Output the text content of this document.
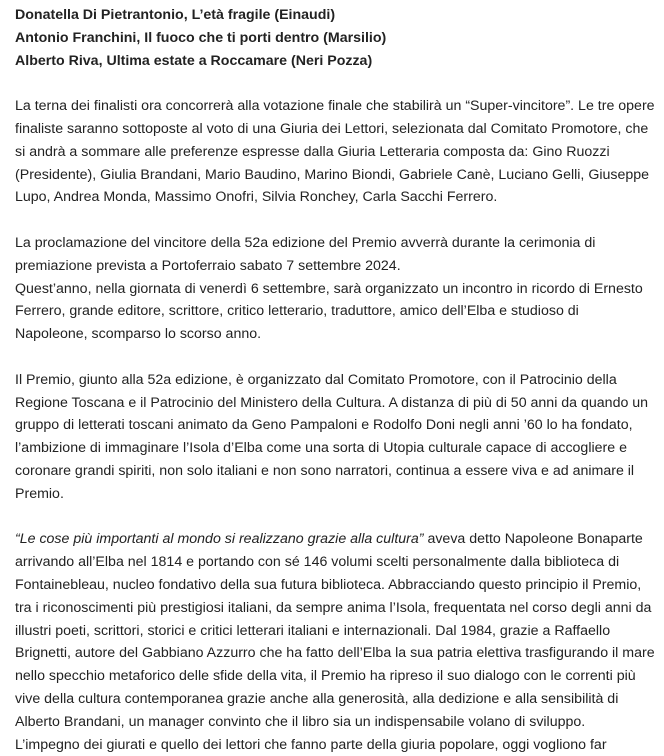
Donatella Di Pietrantonio, L’età fragile (Einaudi)

Antonio Franchini, Il fuoco che ti porti dentro (Marsilio)

Alberto Riva, Ultima estate a Roccamare (Neri Pozza)

La terna dei finalisti ora concorrerà alla votazione finale che stabilirà un “Super-vincitore”. Le tre opere finaliste saranno sottoposte al voto di una Giuria dei Lettori, selezionata dal Comitato Promotore, che si andrà a sommare alle preferenze espresse dalla Giuria Letteraria composta da: Gino Ruozzi (Presidente), Giulia Brandani, Mario Baudino, Marino Biondi, Gabriele Canè, Luciano Gelli, Giuseppe Lupo, Andrea Monda, Massimo Onofri, Silvia Ronchey, Carla Sacchi Ferrero.

La proclamazione del vincitore della 52a edizione del Premio avverrà durante la cerimonia di premiazione prevista a Portoferraio sabato 7 settembre 2024.

Quest’anno, nella giornata di venerdì 6 settembre, sarà organizzato un incontro in ricordo di Ernesto Ferrero, grande editore, scrittore, critico letterario, traduttore, amico dell’Elba e studioso di Napoleone, scomparso lo scorso anno.

Il Premio, giunto alla 52a edizione, è organizzato dal Comitato Promotore, con il Patrocinio della Regione Toscana e il Patrocinio del Ministero della Cultura. A distanza di più di 50 anni da quando un gruppo di letterati toscani animato da Geno Pampaloni e Rodolfo Doni negli anni ’60 lo ha fondato, l’ambizione di immaginare l’Isola d’Elba come una sorta di Utopia culturale capace di accogliere e coronare grandi spiriti, non solo italiani e non sono narratori, continua a essere viva e ad animare il Premio.

“Le cose più importanti al mondo si realizzano grazie alla cultura” aveva detto Napoleone Bonaparte arrivando all’Elba nel 1814 e portando con sé 146 volumi scelti personalmente dalla biblioteca di Fontainebleau, nucleo fondativo della sua futura biblioteca. Abbracciando questo principio il Premio, tra i riconoscimenti più prestigiosi italiani, da sempre anima l’Isola, frequentata nel corso degli anni da illustri poeti, scrittori, storici e critici letterari italiani e internazionali. Dal 1984, grazie a Raffaello Brignetti, autore del Gabbiano Azzurro che ha fatto dell’Elba la sua patria elettiva trasfigurando il mare nello specchio metaforico delle sfide della vita, il Premio ha ripreso il suo dialogo con le correnti più vive della cultura contemporanea grazie anche alla generosità, alla dedizione e alla sensibilità di Alberto Brandani, un manager convinto che il libro sia un indispensabile volano di sviluppo.

L’impegno dei giurati e quello dei lettori che fanno parte della giuria popolare, oggi vogliono far
